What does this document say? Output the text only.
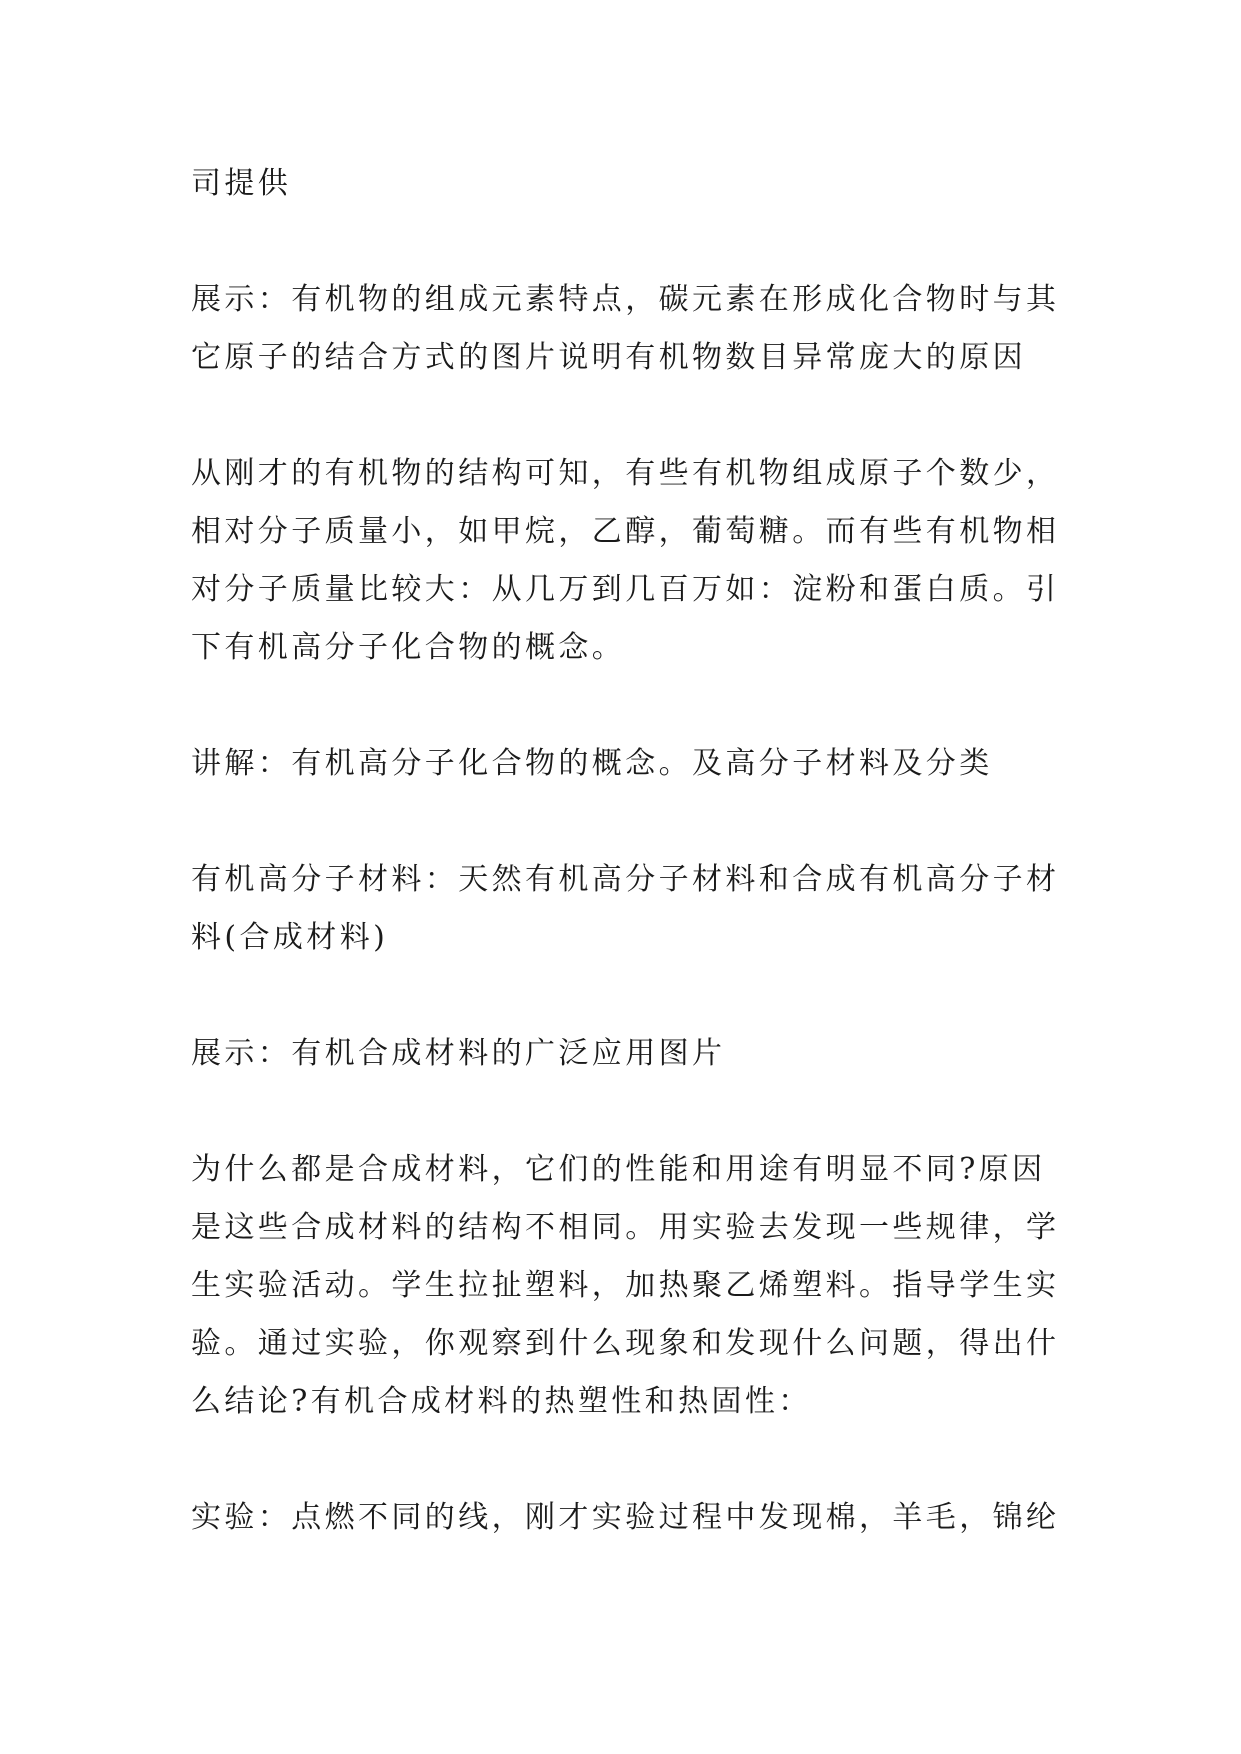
司提供

展示：有机物的组成元素特点，碳元素在形成化合物时与其
它原子的结合方式的图片说明有机物数目异常庞大的原因

从刚才的有机物的结构可知，有些有机物组成原子个数少，
相对分子质量小，如甲烷，乙醇，葡萄糖。而有些有机物相
对分子质量比较大：从几万到几百万如：淀粉和蛋白质。引
下有机高分子化合物的概念。

讲解：有机高分子化合物的概念。及高分子材料及分类

有机高分子材料：天然有机高分子材料和合成有机高分子材
料(合成材料)

展示：有机合成材料的广泛应用图片

为什么都是合成材料，它们的性能和用途有明显不同?原因
是这些合成材料的结构不相同。用实验去发现一些规律，学
生实验活动。学生拉扯塑料，加热聚乙烯塑料。指导学生实
验。通过实验，你观察到什么现象和发现什么问题，得出什
么结论?有机合成材料的热塑性和热固性：

实验：点燃不同的线，刚才实验过程中发现棉，羊毛，锦纶
